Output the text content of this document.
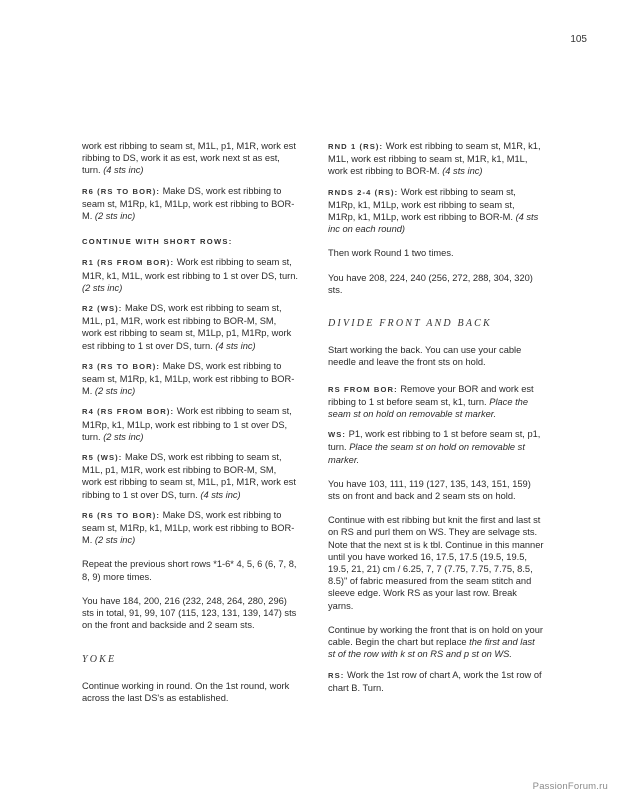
105

work est ribbing to seam st, M1L, p1, M1R, work est ribbing to DS, work it as est, work next st as est, turn. (4 sts inc)

R6 (RS TO BOR): Make DS, work est ribbing to seam st, M1Rp, k1, M1Lp, work est ribbing to BOR-M. (2 sts inc)

CONTINUE WITH SHORT ROWS:

R1 (RS FROM BOR): Work est ribbing to seam st, M1R, k1, M1L, work est ribbing to 1 st over DS, turn. (2 sts inc)

R2 (WS): Make DS, work est ribbing to seam st, M1L, p1, M1R, work est ribbing to BOR-M, SM, work est ribbing to seam st, M1Lp, p1, M1Rp, work est ribbing to 1 st over DS, turn. (4 sts inc)

R3 (RS TO BOR): Make DS, work est ribbing to seam st, M1Rp, k1, M1Lp, work est ribbing to BOR-M. (2 sts inc)

R4 (RS FROM BOR): Work est ribbing to seam st, M1Rp, k1, M1Lp, work est ribbing to 1 st over DS, turn. (2 sts inc)

R5 (WS): Make DS, work est ribbing to seam st, M1L, p1, M1R, work est ribbing to BOR-M, SM, work est ribbing to seam st, M1L, p1, M1R, work est ribbing to 1 st over DS, turn. (4 sts inc)

R6 (RS TO BOR): Make DS, work est ribbing to seam st, M1Rp, k1, M1Lp, work est ribbing to BOR-M. (2 sts inc)

Repeat the previous short rows *1-6* 4, 5, 6 (6, 7, 8, 8, 9) more times.

You have 184, 200, 216 (232, 248, 264, 280, 296) sts in total, 91, 99, 107 (115, 123, 131, 139, 147) sts on the front and backside and 2 seam sts.

YOKE

Continue working in round. On the 1st round, work across the last DS's as established.

RND 1 (RS): Work est ribbing to seam st, M1R, k1, M1L, work est ribbing to seam st, M1R, k1, M1L, work est ribbing to BOR-M. (4 sts inc)

RNDS 2-4 (RS): Work est ribbing to seam st, M1Rp, k1, M1Lp, work est ribbing to seam st, M1Rp, k1, M1Lp, work est ribbing to BOR-M. (4 sts inc on each round)

Then work Round 1 two times.

You have 208, 224, 240 (256, 272, 288, 304, 320) sts.

DIVIDE FRONT AND BACK

Start working the back. You can use your cable needle and leave the front sts on hold.

RS FROM BOR: Remove your BOR and work est ribbing to 1 st before seam st, k1, turn. Place the seam st on hold on removable st marker.

WS: P1, work est ribbing to 1 st before seam st, p1, turn. Place the seam st on hold on removable st marker.

You have 103, 111, 119 (127, 135, 143, 151, 159) sts on front and back and 2 seam sts on hold.

Continue with est ribbing but knit the first and last st on RS and purl them on WS. They are selvage sts. Note that the next st is k tbl. Continue in this manner until you have worked 16, 17.5, 17.5 (19.5, 19.5, 19.5, 21, 21) cm / 6.25, 7, 7 (7.75, 7.75, 7.75, 8.5, 8.5)" of fabric measured from the seam stitch and sleeve edge. Work RS as your last row. Break yarns.

Continue by working the front that is on hold on your cable. Begin the chart but replace the first and last st of the row with k st on RS and p st on WS.

RS: Work the 1st row of chart A, work the 1st row of chart B. Turn.

PassionForum.ru
